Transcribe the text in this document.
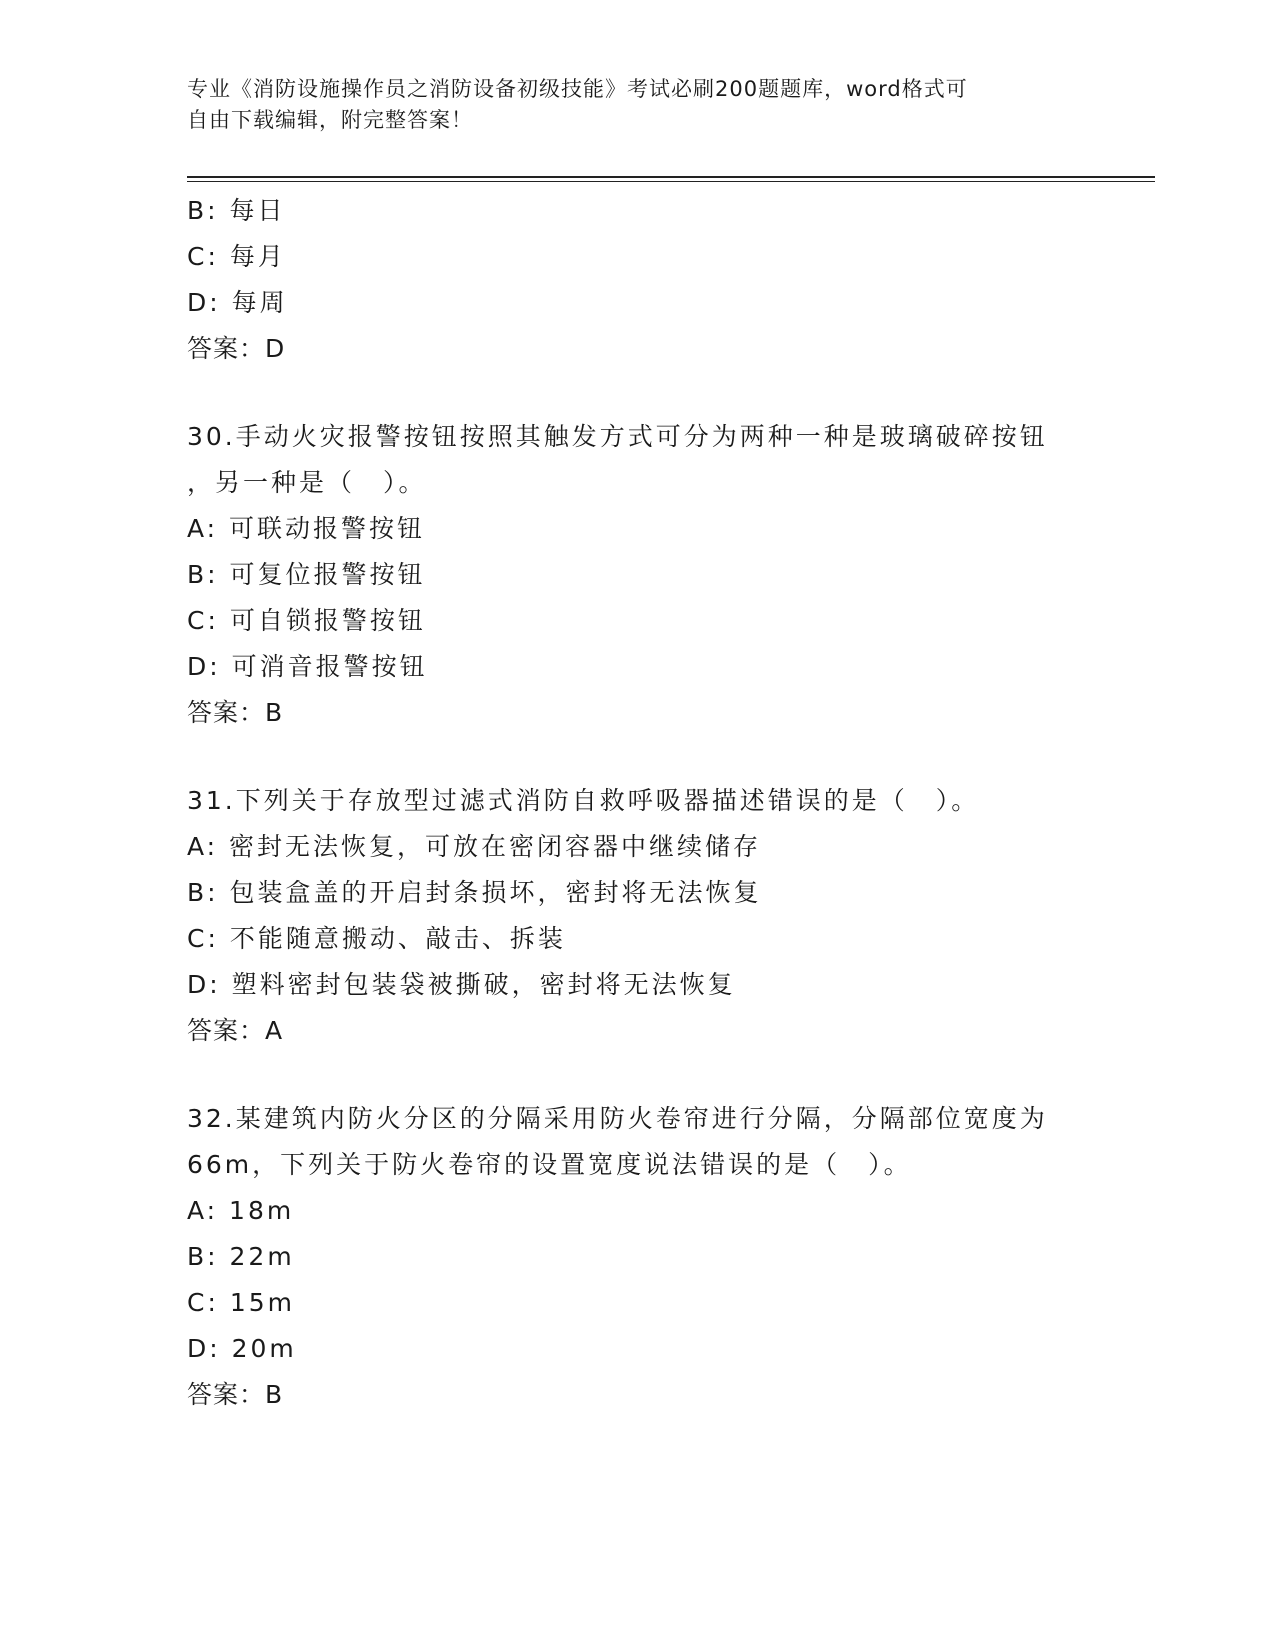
专业《消防设施操作员之消防设备初级技能》考试必刷200题题库，word格式可
自由下载编辑，附完整答案！
B: 每日
C: 每月
D: 每周
答案：D
30.手动火灾报警按钮按照其触发方式可分为两种一种是玻璃破碎按钮
，另一种是（　）。
A: 可联动报警按钮
B: 可复位报警按钮
C: 可自锁报警按钮
D: 可消音报警按钮
答案：B
31.下列关于存放型过滤式消防自救呼吸器描述错误的是（　）。
A: 密封无法恢复，可放在密闭容器中继续储存
B: 包装盒盖的开启封条损坏，密封将无法恢复
C: 不能随意搬动、敲击、拆装
D: 塑料密封包装袋被撕破，密封将无法恢复
答案：A
32.某建筑内防火分区的分隔采用防火卷帘进行分隔，分隔部位宽度为
66m，下列关于防火卷帘的设置宽度说法错误的是（　）。
A: 18m
B: 22m
C: 15m
D: 20m
答案：B
